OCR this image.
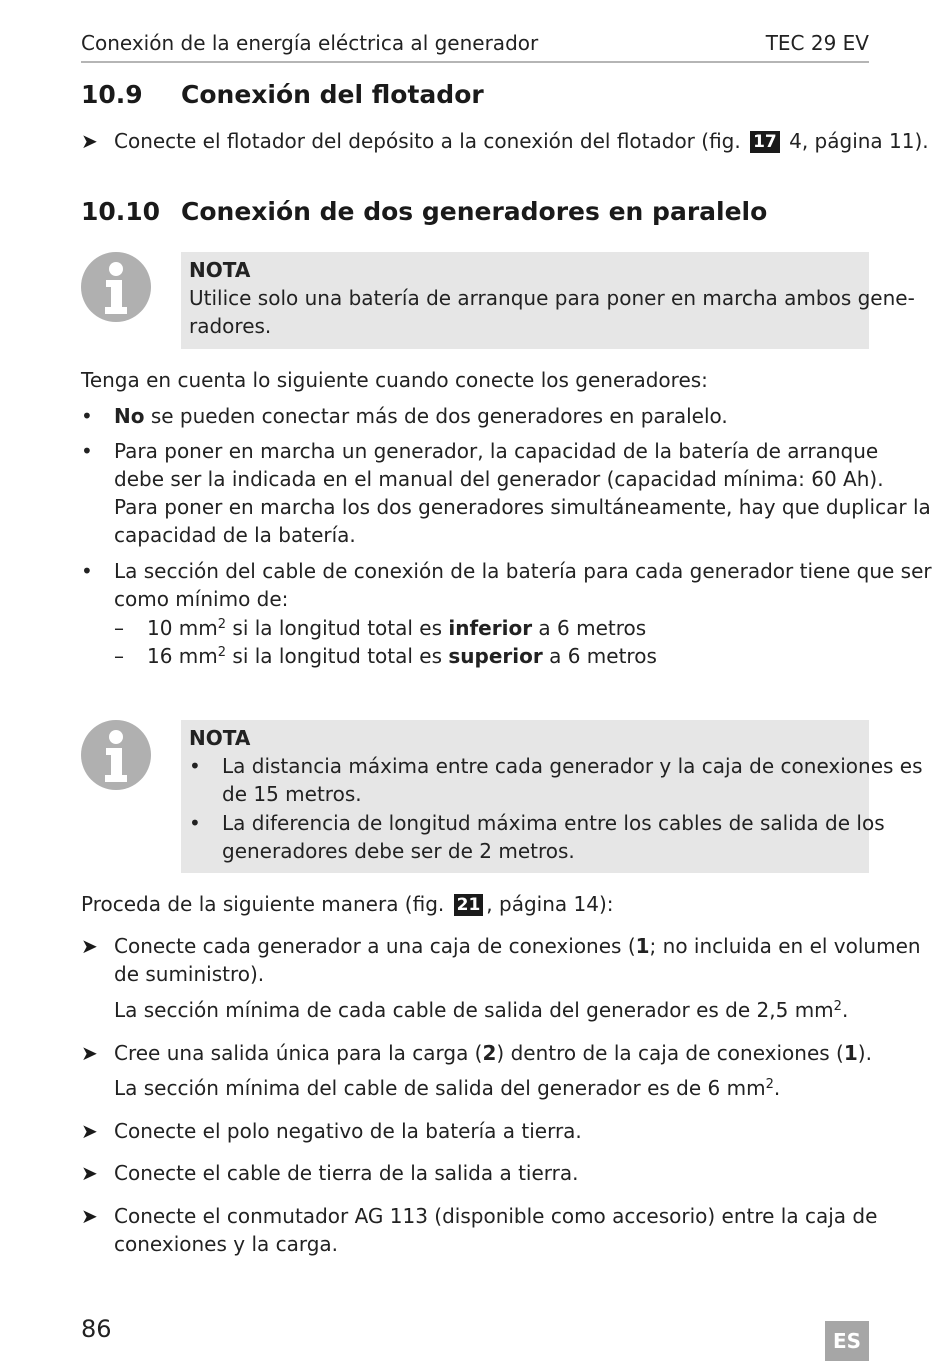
Conexión de la energía eléctrica al generador	TEC 29 EV
10.9 Conexión del flotador
➤ Conecte el flotador del depósito a la conexión del flotador (fig. 17 4, página 11).
10.10 Conexión de dos generadores en paralelo
NOTA
Utilice solo una batería de arranque para poner en marcha ambos gene-
radores.
Tenga en cuenta lo siguiente cuando conecte los generadores:
• No se pueden conectar más de dos generadores en paralelo.
• Para poner en marcha un generador, la capacidad de la batería de arranque
debe ser la indicada en el manual del generador (capacidad mínima: 60 Ah).
Para poner en marcha los dos generadores simultáneamente, hay que duplicar la
capacidad de la batería.
• La sección del cable de conexión de la batería para cada generador tiene que ser
como mínimo de:
– 10 $mm^2$ si la longitud total es inferior a 6 metros
– 16 $mm^2$ si la longitud total es superior a 6 metros
NOTA
• La distancia máxima entre cada generador y la caja de conexiones es
de 15 metros.
• La diferencia de longitud máxima entre los cables de salida de los
generadores debe ser de 2 metros.
Proceda de la siguiente manera (fig. 21 , página 14):
➤ Conecte cada generador a una caja de conexiones (1; no incluida en el volumen
de suministro).
La sección mínima de cada cable de salida del generador es de 2,5 $mm^2$.
➤ Cree una salida única para la carga (2) dentro de la caja de conexiones (1).
La sección mínima del cable de salida del generador es de 6 $mm^2$.
➤ Conecte el polo negativo de la batería a tierra.
➤ Conecte el cable de tierra de la salida a tierra.
➤ Conecte el conmutador AG 113 (disponible como accesorio) entre la caja de
conexiones y la carga.
86	ES
